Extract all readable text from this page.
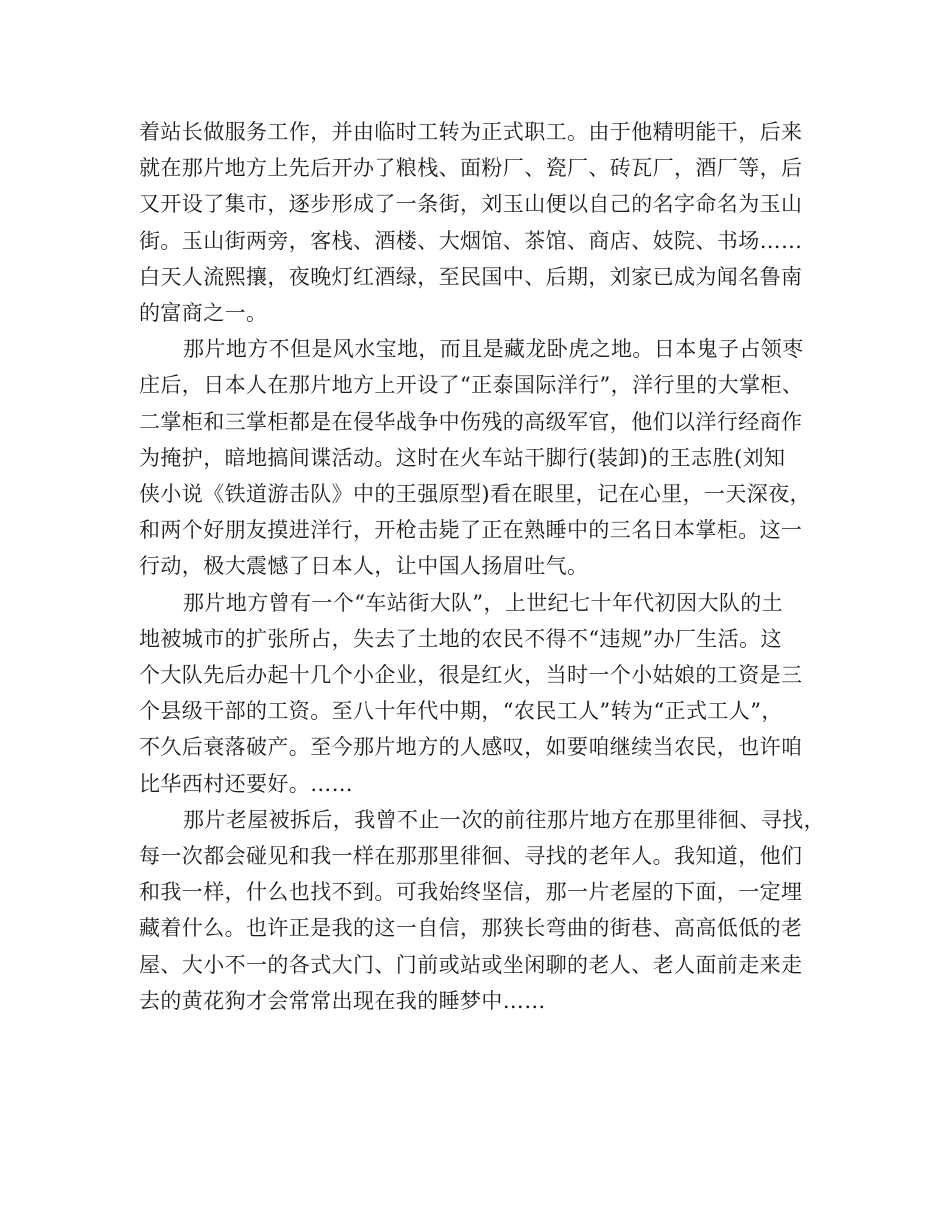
着站长做服务工作，并由临时工转为正式职工。由于他精明能干，后来
就在那片地方上先后开办了粮栈、面粉厂、瓷厂、砖瓦厂，酒厂等，后
又开设了集市，逐步形成了一条街，刘玉山便以自己的名字命名为玉山
街。玉山街两旁，客栈、酒楼、大烟馆、茶馆、商店、妓院、书场……
白天人流熙攘，夜晚灯红酒绿，至民国中、后期，刘家已成为闻名鲁南
的富商之一。
那片地方不但是风水宝地，而且是藏龙卧虎之地。日本鬼子占领枣
庄后，日本人在那片地方上开设了“正泰国际洋行”，洋行里的大掌柜、
二掌柜和三掌柜都是在侵华战争中伤残的高级军官，他们以洋行经商作
为掩护，暗地搞间谍活动。这时在火车站干脚行(装卸)的王志胜(刘知
侠小说《铁道游击队》中的王强原型)看在眼里，记在心里，一天深夜，
和两个好朋友摸进洋行，开枪击毙了正在熟睡中的三名日本掌柜。这一
行动，极大震憾了日本人，让中国人扬眉吐气。
那片地方曾有一个“车站街大队”，上世纪七十年代初因大队的土
地被城市的扩张所占，失去了土地的农民不得不“违规”办厂生活。这
个大队先后办起十几个小企业，很是红火，当时一个小姑娘的工资是三
个县级干部的工资。至八十年代中期，“农民工人”转为“正式工人”，
不久后衰落破产。至今那片地方的人感叹，如要咱继续当农民，也许咱
比华西村还要好。……
那片老屋被拆后，我曾不止一次的前往那片地方在那里徘徊、寻找，
每一次都会碰见和我一样在那那里徘徊、寻找的老年人。我知道，他们
和我一样，什么也找不到。可我始终坚信，那一片老屋的下面，一定埋
藏着什么。也许正是我的这一自信，那狭长弯曲的街巷、高高低低的老
屋、大小不一的各式大门、门前或站或坐闲聊的老人、老人面前走来走
去的黄花狗才会常常出现在我的睡梦中……
